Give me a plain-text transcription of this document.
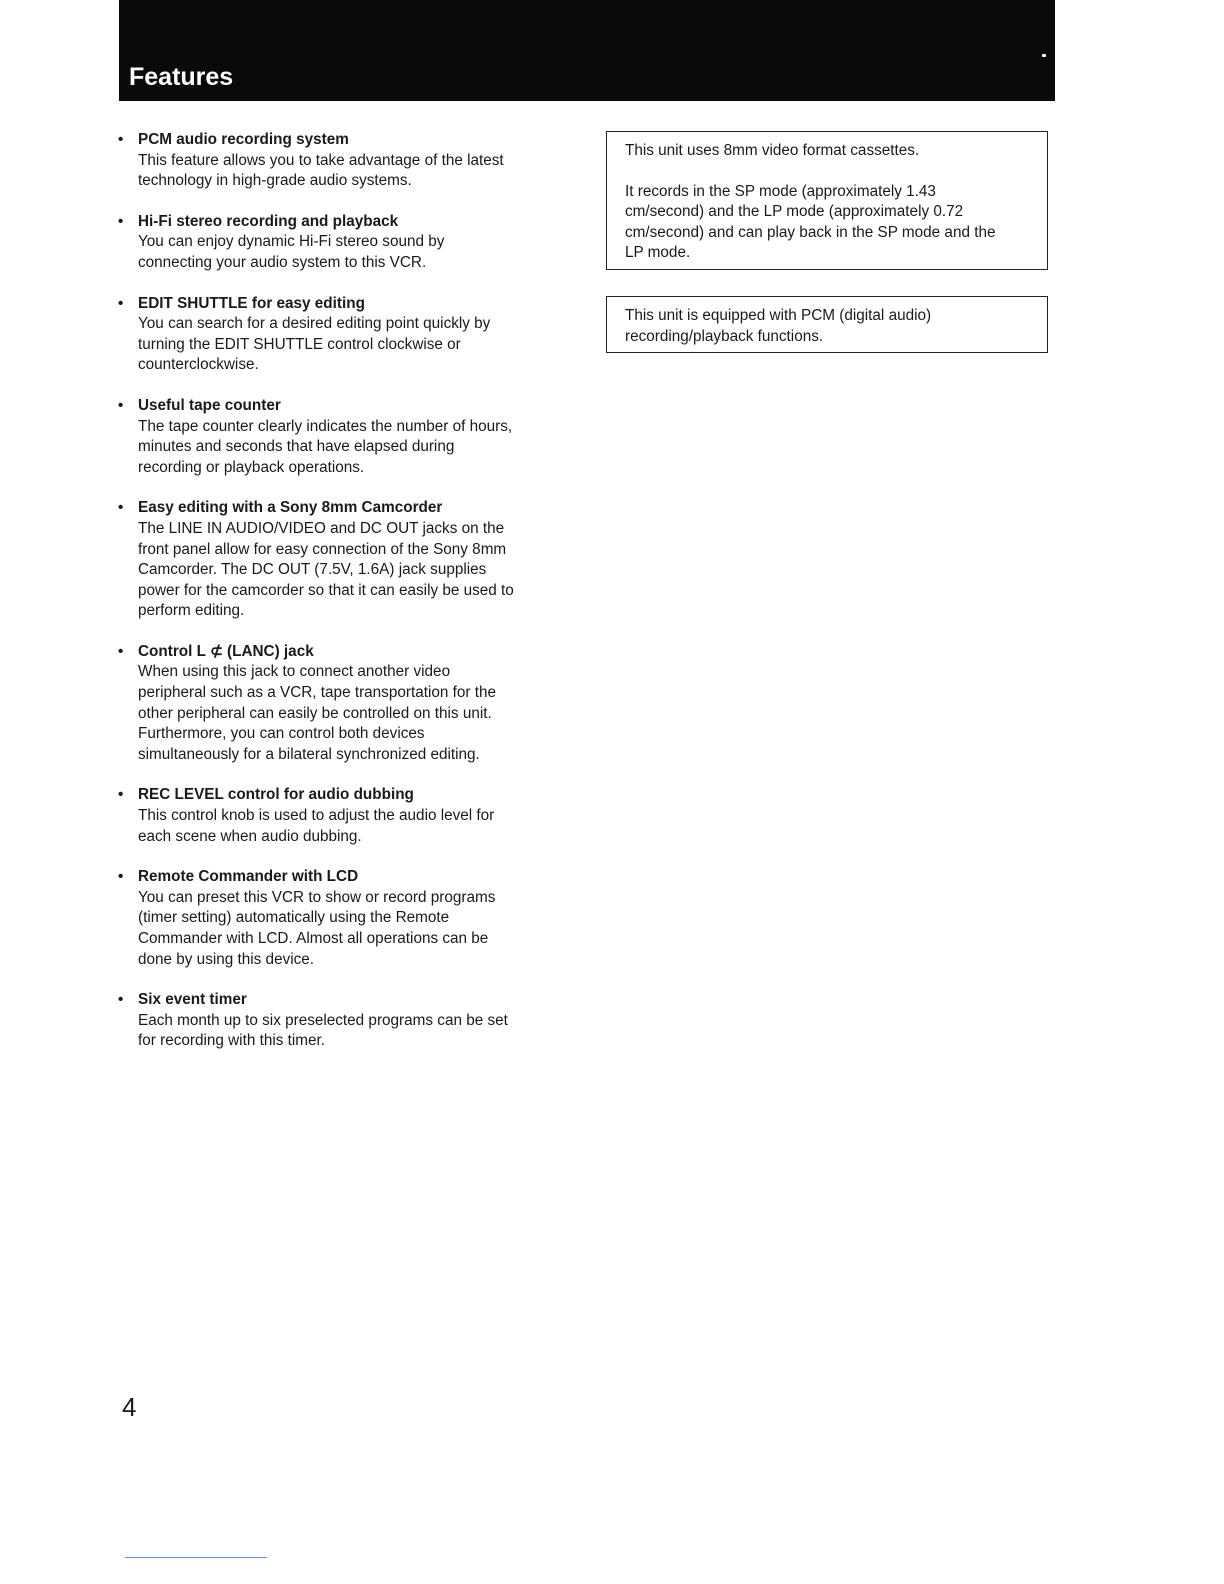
Features
• PCM audio recording system
This feature allows you to take advantage of the latest
technology in high-grade audio systems.
• Hi-Fi stereo recording and playback
You can enjoy dynamic Hi-Fi stereo sound by
connecting your audio system to this VCR.
• EDIT SHUTTLE for easy editing
You can search for a desired editing point quickly by
turning the EDIT SHUTTLE control clockwise or
counterclockwise.
• Useful tape counter
The tape counter clearly indicates the number of hours,
minutes and seconds that have elapsed during
recording or playback operations.
• Easy editing with a Sony 8mm Camcorder
The LINE IN AUDIO/VIDEO and DC OUT jacks on the
front panel allow for easy connection of the Sony 8mm
Camcorder. The DC OUT (7.5V, 1.6A) jack supplies
power for the camcorder so that it can easily be used to
perform editing.
• Control L ⊄ (LANC) jack
When using this jack to connect another video
peripheral such as a VCR, tape transportation for the
other peripheral can easily be controlled on this unit.
Furthermore, you can control both devices
simultaneously for a bilateral synchronized editing.
• REC LEVEL control for audio dubbing
This control knob is used to adjust the audio level for
each scene when audio dubbing.
• Remote Commander with LCD
You can preset this VCR to show or record programs
(timer setting) automatically using the Remote
Commander with LCD. Almost all operations can be
done by using this device.
• Six event timer
Each month up to six preselected programs can be set
for recording with this timer.

This unit uses 8mm video format cassettes.

It records in the SP mode (approximately 1.43
cm/second) and the LP mode (approximately 0.72
cm/second) and can play back in the SP mode and the
LP mode.

This unit is equipped with PCM (digital audio)
recording/playback functions.

4
